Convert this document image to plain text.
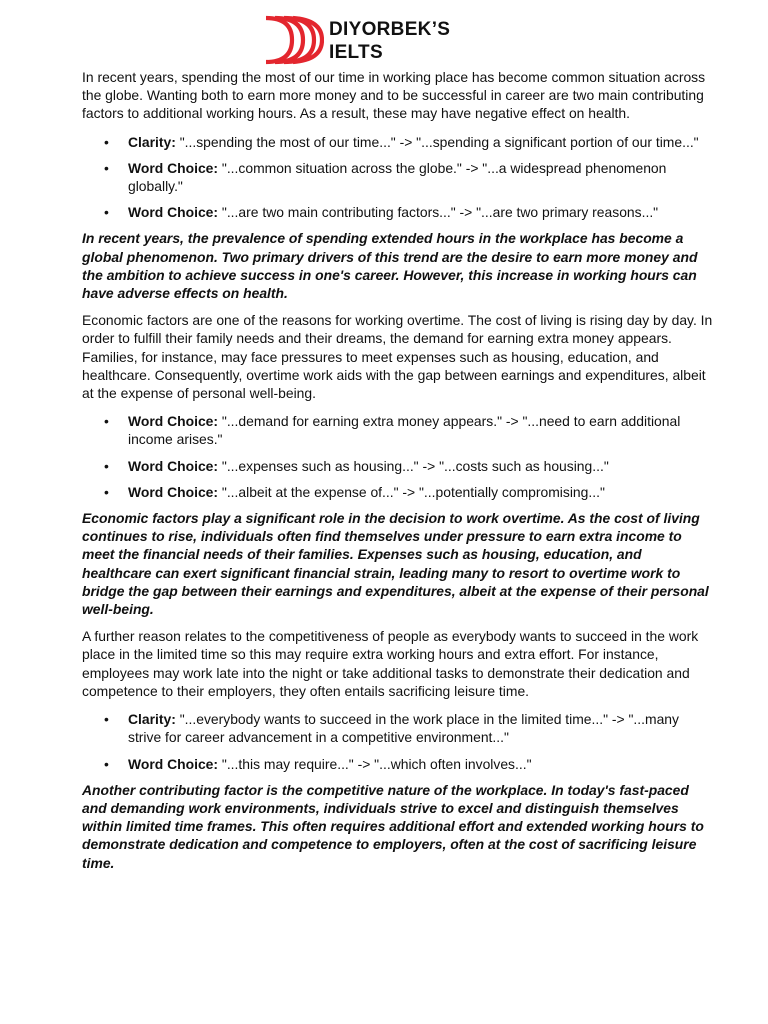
DIYORBEK’S
IELTS

In recent years, spending the most of our time in working place has become common situation across the globe. Wanting both to earn more money and to be successful in career are two main contributing factors to additional working hours. As a result, these may have negative effect on health.

• Clarity: "...spending the most of our time..." -> "...spending a significant portion of our time..."
• Word Choice: "...common situation across the globe." -> "...a widespread phenomenon globally."
• Word Choice: "...are two main contributing factors..." -> "...are two primary reasons..."

In recent years, the prevalence of spending extended hours in the workplace has become a global phenomenon. Two primary drivers of this trend are the desire to earn more money and the ambition to achieve success in one's career. However, this increase in working hours can have adverse effects on health.

Economic factors are one of the reasons for working overtime. The cost of living is rising day by day. In order to fulfill their family needs and their dreams, the demand for earning extra money appears. Families, for instance, may face pressures to meet expenses such as housing, education, and healthcare. Consequently, overtime work aids with the gap between earnings and expenditures, albeit at the expense of personal well-being.

• Word Choice: "...demand for earning extra money appears." -> "...need to earn additional income arises."
• Word Choice: "...expenses such as housing..." -> "...costs such as housing..."
• Word Choice: "...albeit at the expense of..." -> "...potentially compromising..."

Economic factors play a significant role in the decision to work overtime. As the cost of living continues to rise, individuals often find themselves under pressure to earn extra income to meet the financial needs of their families. Expenses such as housing, education, and healthcare can exert significant financial strain, leading many to resort to overtime work to bridge the gap between their earnings and expenditures, albeit at the expense of their personal well-being.

A further reason relates to the competitiveness of people as everybody wants to succeed in the work place in the limited time so this may require extra working hours and extra effort. For instance, employees may work late into the night or take additional tasks to demonstrate their dedication and competence to their employers, they often entails sacrificing leisure time.

• Clarity: "...everybody wants to succeed in the work place in the limited time..." -> "...many strive for career advancement in a competitive environment..."
• Word Choice: "...this may require..." -> "...which often involves..."

Another contributing factor is the competitive nature of the workplace. In today's fast-paced and demanding work environments, individuals strive to excel and distinguish themselves within limited time frames. This often requires additional effort and extended working hours to demonstrate dedication and competence to employers, often at the cost of sacrificing leisure time.
